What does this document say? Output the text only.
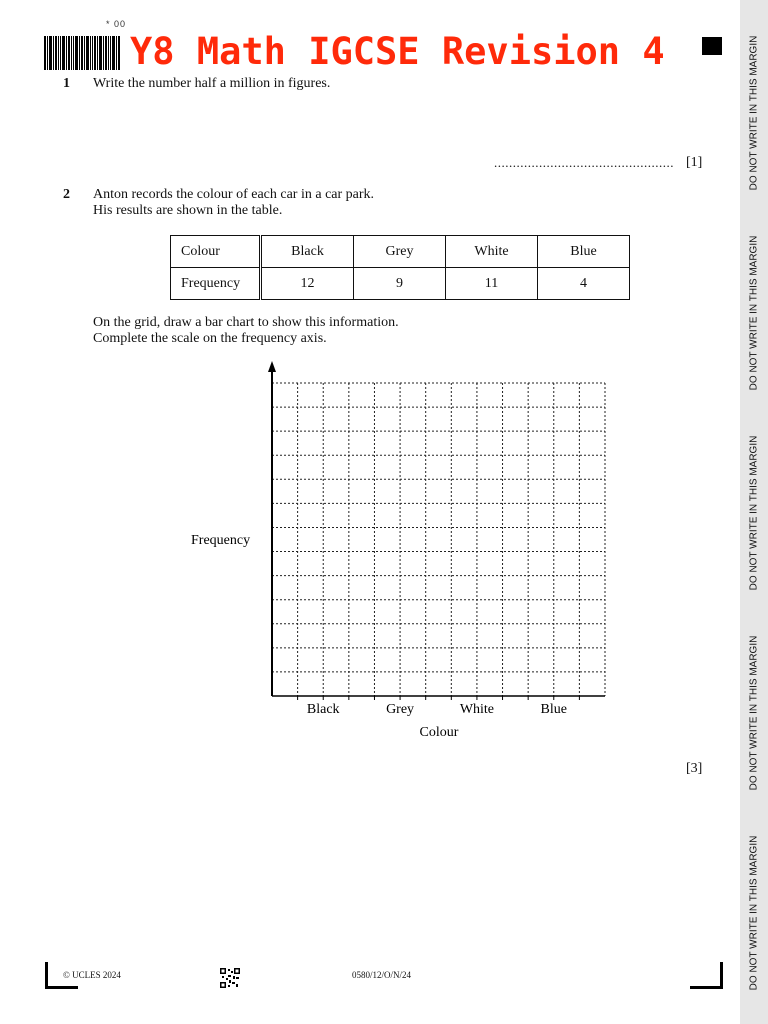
* 00
Y8 Math IGCSE Revision 4	DO NOT WRITE IN THIS MARGIN
DO NOT WRITE IN THIS MARGIN
DO NOT WRITE IN THIS MARGIN
DO NOT WRITE IN THIS MARGIN
DO NOT WRITE IN THIS MARGIN
1 Write the number half a million in figures.
................................................ [1]
2 Anton records the colour of each car in a car park.
His results are shown in the table.
Colour	Black	Grey	White	Blue
Frequency	12	9	11	4
On the grid, draw a bar chart to show this information.
Complete the scale on the frequency axis.
Black	Grey	White	Blue
Frequency
Colour
[3]
© UCLES 2024	0580/12/O/N/24
